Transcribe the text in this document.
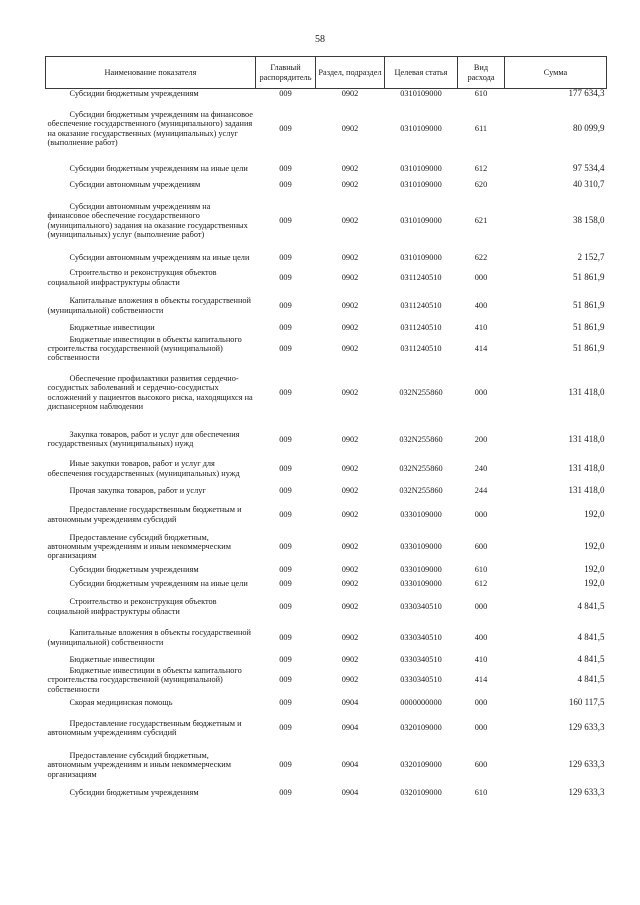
58
Наименование показателя	Главный распорядитель	Раздел, подраздел	Целевая статья	Вид расхода	Сумма

Субсидии бюджетным учреждениям	009	0902	0310109000	610	177 634,3

Субсидии бюджетным учреждениям на финансовое обеспечение государственного (муниципального) задания на оказание государственных (муниципальных) услуг (выполнение работ)	009	0902	0310109000	611	80 099,9

Субсидии бюджетным учреждениям на иные цели	009	0902	0310109000	612	97 534,4

Субсидии автономным учреждениям	009	0902	0310109000	620	40 310,7

Субсидии автономным учреждениям на финансовое обеспечение государственного (муниципального) задания на оказание государственных (муниципальных) услуг (выполнение работ)	009	0902	0310109000	621	38 158,0

Субсидии автономным учреждениям на иные цели	009	0902	0310109000	622	2 152,7

Строительство и реконструкция объектов социальной инфраструктуры области	009	0902	0311240510	000	51 861,9

Капитальные вложения в объекты государственной (муниципальной) собственности	009	0902	0311240510	400	51 861,9

Бюджетные инвестиции	009	0902	0311240510	410	51 861,9

Бюджетные инвестиции в объекты капитального строительства государственной (муниципальной) собственности	009	0902	0311240510	414	51 861,9

Обеспечение профилактики развития сердечно-сосудистых заболеваний и сердечно-сосудистых осложнений у пациентов высокого риска, находящихся на диспансерном наблюдении	009	0902	032N255860	000	131 418,0

Закупка товаров, работ и услуг для обеспечения государственных (муниципальных) нужд	009	0902	032N255860	200	131 418,0

Иные закупки товаров, работ и услуг для обеспечения государственных (муниципальных) нужд	009	0902	032N255860	240	131 418,0

Прочая закупка товаров, работ и услуг	009	0902	032N255860	244	131 418,0

Предоставление государственным бюджетным и автономным учреждениям субсидий	009	0902	0330109000	000	192,0

Предоставление субсидий бюджетным, автономным учреждениям и иным некоммерческим организациям	009	0902	0330109000	600	192,0

Субсидии бюджетным учреждениям	009	0902	0330109000	610	192,0

Субсидии бюджетным учреждениям на иные цели	009	0902	0330109000	612	192,0

Строительство и реконструкция объектов социальной инфраструктуры области	009	0902	0330340510	000	4 841,5

Капитальные вложения в объекты государственной (муниципальной) собственности	009	0902	0330340510	400	4 841,5

Бюджетные инвестиции	009	0902	0330340510	410	4 841,5

Бюджетные инвестиции в объекты капитального строительства государственной (муниципальной) собственности	009	0902	0330340510	414	4 841,5

Скорая медицинская помощь	009	0904	0000000000	000	160 117,5

Предоставление государственным бюджетным и автономным учреждениям субсидий	009	0904	0320109000	000	129 633,3

Предоставление субсидий бюджетным, автономным учреждениям и иным некоммерческим организациям	009	0904	0320109000	600	129 633,3

Субсидии бюджетным учреждениям	009	0904	0320109000	610	129 633,3
